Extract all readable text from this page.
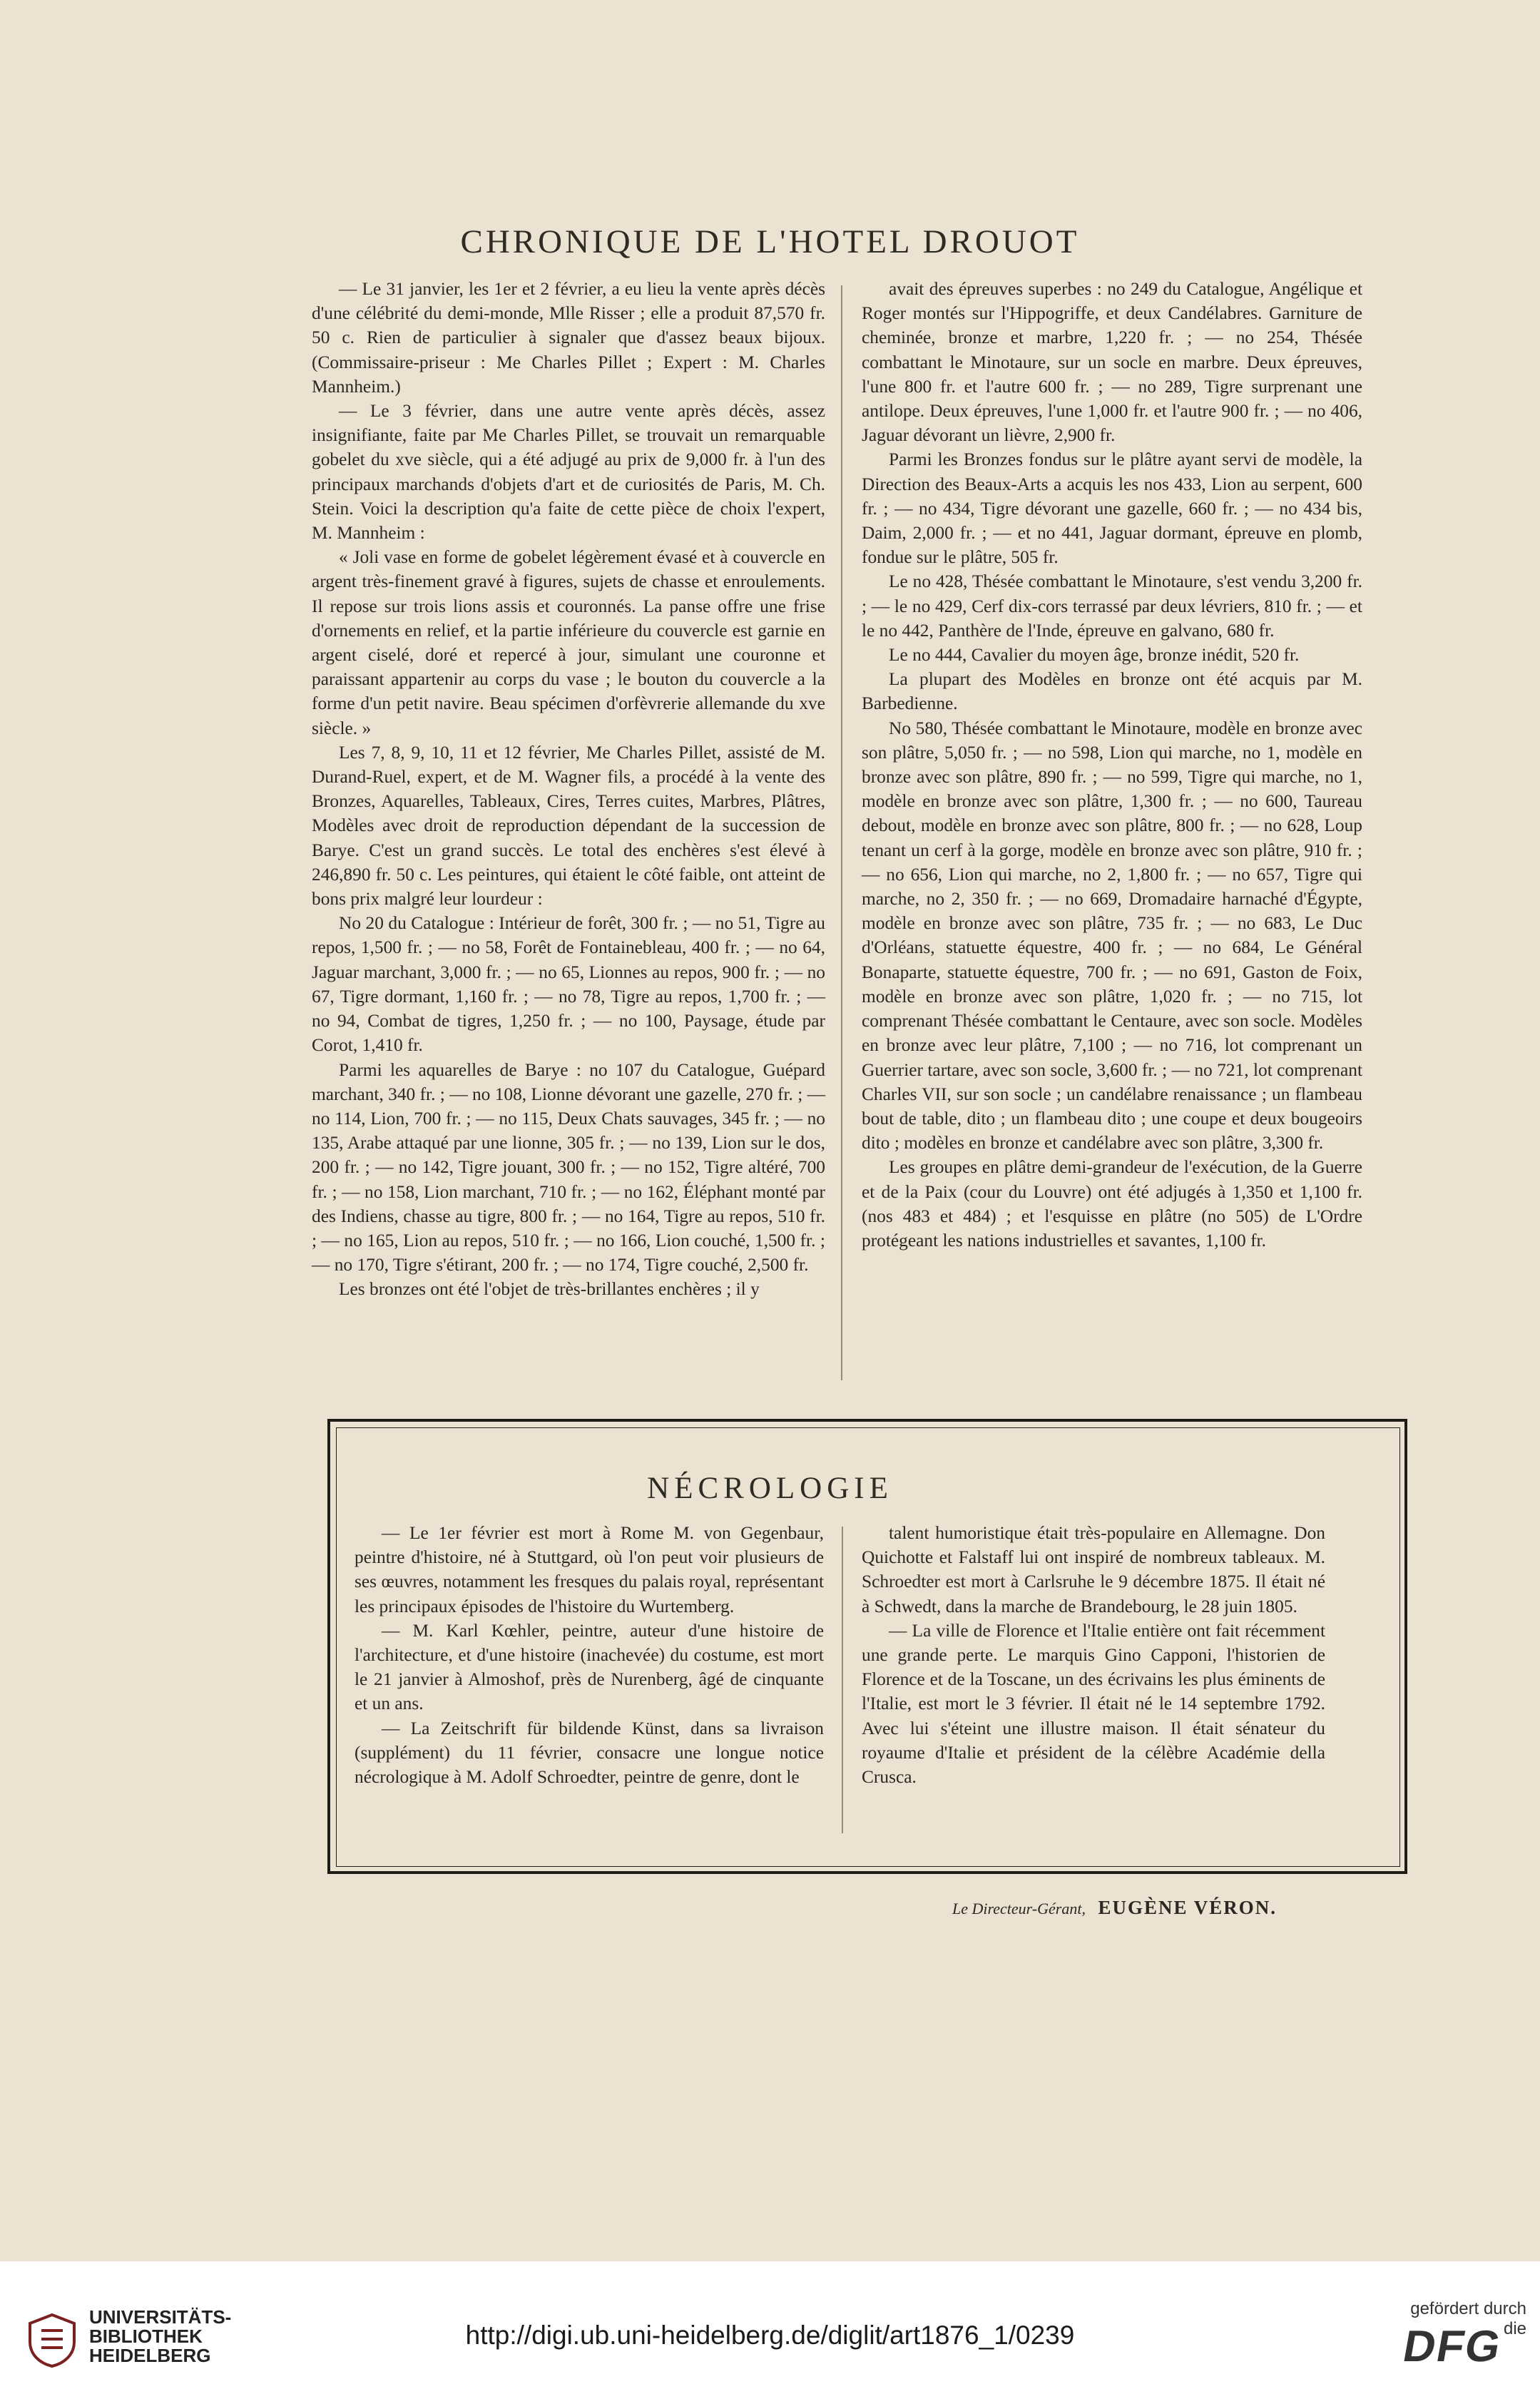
CHRONIQUE DE L'HOTEL DROUOT

— Le 31 janvier, les 1er et 2 février, a eu lieu la vente après décès d'une célébrité du demi-monde, Mlle Risser ; elle a produit 87,570 fr. 50 c. Rien de particulier à signaler que d'assez beaux bijoux. (Commissaire-priseur : Me Charles Pillet ; Expert : M. Charles Mannheim.)

— Le 3 février, dans une autre vente après décès, assez insignifiante, faite par Me Charles Pillet, se trouvait un remarquable gobelet du xve siècle, qui a été adjugé au prix de 9,000 fr. à l'un des principaux marchands d'objets d'art et de curiosités de Paris, M. Ch. Stein. Voici la description qu'a faite de cette pièce de choix l'expert, M. Mannheim :

« Joli vase en forme de gobelet légèrement évasé et à couvercle en argent très-finement gravé à figures, sujets de chasse et enroulements. Il repose sur trois lions assis et couronnés. La panse offre une frise d'ornements en relief, et la partie inférieure du couvercle est garnie en argent ciselé, doré et repercé à jour, simulant une couronne et paraissant appartenir au corps du vase ; le bouton du couvercle a la forme d'un petit navire. Beau spécimen d'orfèvrerie allemande du xve siècle. »

Les 7, 8, 9, 10, 11 et 12 février, Me Charles Pillet, assisté de M. Durand-Ruel, expert, et de M. Wagner fils, a procédé à la vente des Bronzes, Aquarelles, Tableaux, Cires, Terres cuites, Marbres, Plâtres, Modèles avec droit de reproduction dépendant de la succession de Barye. C'est un grand succès. Le total des enchères s'est élevé à 246,890 fr. 50 c. Les peintures, qui étaient le côté faible, ont atteint de bons prix malgré leur lourdeur :

No 20 du Catalogue : Intérieur de forêt, 300 fr. ; — no 51, Tigre au repos, 1,500 fr. ; — no 58, Forêt de Fontainebleau, 400 fr. ; — no 64, Jaguar marchant, 3,000 fr. ; — no 65, Lionnes au repos, 900 fr. ; — no 67, Tigre dormant, 1,160 fr. ; — no 78, Tigre au repos, 1,700 fr. ; — no 94, Combat de tigres, 1,250 fr. ; — no 100, Paysage, étude par Corot, 1,410 fr.

Parmi les aquarelles de Barye : no 107 du Catalogue, Guépard marchant, 340 fr. ; — no 108, Lionne dévorant une gazelle, 270 fr. ; — no 114, Lion, 700 fr. ; — no 115, Deux Chats sauvages, 345 fr. ; — no 135, Arabe attaqué par une lionne, 305 fr. ; — no 139, Lion sur le dos, 200 fr. ; — no 142, Tigre jouant, 300 fr. ; — no 152, Tigre altéré, 700 fr. ; — no 158, Lion marchant, 710 fr. ; — no 162, Éléphant monté par des Indiens, chasse au tigre, 800 fr. ; — no 164, Tigre au repos, 510 fr. ; — no 165, Lion au repos, 510 fr. ; — no 166, Lion couché, 1,500 fr. ; — no 170, Tigre s'étirant, 200 fr. ; — no 174, Tigre couché, 2,500 fr.

Les bronzes ont été l'objet de très-brillantes enchères ; il y

avait des épreuves superbes : no 249 du Catalogue, Angélique et Roger montés sur l'Hippogriffe, et deux Candélabres. Garniture de cheminée, bronze et marbre, 1,220 fr. ; — no 254, Thésée combattant le Minotaure, sur un socle en marbre. Deux épreuves, l'une 800 fr. et l'autre 600 fr. ; — no 289, Tigre surprenant une antilope. Deux épreuves, l'une 1,000 fr. et l'autre 900 fr. ; — no 406, Jaguar dévorant un lièvre, 2,900 fr.

Parmi les Bronzes fondus sur le plâtre ayant servi de modèle, la Direction des Beaux-Arts a acquis les nos 433, Lion au serpent, 600 fr. ; — no 434, Tigre dévorant une gazelle, 660 fr. ; — no 434 bis, Daim, 2,000 fr. ; — et no 441, Jaguar dormant, épreuve en plomb, fondue sur le plâtre, 505 fr.

Le no 428, Thésée combattant le Minotaure, s'est vendu 3,200 fr. ; — le no 429, Cerf dix-cors terrassé par deux lévriers, 810 fr. ; — et le no 442, Panthère de l'Inde, épreuve en galvano, 680 fr.

Le no 444, Cavalier du moyen âge, bronze inédit, 520 fr.

La plupart des Modèles en bronze ont été acquis par M. Barbedienne.

No 580, Thésée combattant le Minotaure, modèle en bronze avec son plâtre, 5,050 fr. ; — no 598, Lion qui marche, no 1, modèle en bronze avec son plâtre, 890 fr. ; — no 599, Tigre qui marche, no 1, modèle en bronze avec son plâtre, 1,300 fr. ; — no 600, Taureau debout, modèle en bronze avec son plâtre, 800 fr. ; — no 628, Loup tenant un cerf à la gorge, modèle en bronze avec son plâtre, 910 fr. ; — no 656, Lion qui marche, no 2, 1,800 fr. ; — no 657, Tigre qui marche, no 2, 350 fr. ; — no 669, Dromadaire harnaché d'Égypte, modèle en bronze avec son plâtre, 735 fr. ; — no 683, Le Duc d'Orléans, statuette équestre, 400 fr. ; — no 684, Le Général Bonaparte, statuette équestre, 700 fr. ; — no 691, Gaston de Foix, modèle en bronze avec son plâtre, 1,020 fr. ; — no 715, lot comprenant Thésée combattant le Centaure, avec son socle. Modèles en bronze avec leur plâtre, 7,100 ; — no 716, lot comprenant un Guerrier tartare, avec son socle, 3,600 fr. ; — no 721, lot comprenant Charles VII, sur son socle ; un candélabre renaissance ; un flambeau bout de table, dito ; un flambeau dito ; une coupe et deux bougeoirs dito ; modèles en bronze et candélabre avec son plâtre, 3,300 fr.

Les groupes en plâtre demi-grandeur de l'exécution, de la Guerre et de la Paix (cour du Louvre) ont été adjugés à 1,350 et 1,100 fr. (nos 483 et 484) ; et l'esquisse en plâtre (no 505) de L'Ordre protégeant les nations industrielles et savantes, 1,100 fr.

NÉCROLOGIE

— Le 1er février est mort à Rome M. von Gegenbaur, peintre d'histoire, né à Stuttgard, où l'on peut voir plusieurs de ses œuvres, notamment les fresques du palais royal, représentant les principaux épisodes de l'histoire du Wurtemberg.

— M. Karl Kœhler, peintre, auteur d'une histoire de l'architecture, et d'une histoire (inachevée) du costume, est mort le 21 janvier à Almoshof, près de Nurenberg, âgé de cinquante et un ans.

— La Zeitschrift für bildende Künst, dans sa livraison (supplément) du 11 février, consacre une longue notice nécrologique à M. Adolf Schroedter, peintre de genre, dont le

talent humoristique était très-populaire en Allemagne. Don Quichotte et Falstaff lui ont inspiré de nombreux tableaux. M. Schroedter est mort à Carlsruhe le 9 décembre 1875. Il était né à Schwedt, dans la marche de Brandebourg, le 28 juin 1805.

— La ville de Florence et l'Italie entière ont fait récemment une grande perte. Le marquis Gino Capponi, l'historien de Florence et de la Toscane, un des écrivains les plus éminents de l'Italie, est mort le 3 février. Il était né le 14 septembre 1792. Avec lui s'éteint une illustre maison. Il était sénateur du royaume d'Italie et président de la célèbre Académie della Crusca.

Le Directeur-Gérant, EUGÈNE VÉRON.
UNIVERSITÄTS-
BIBLIOTHEK
HEIDELBERG
http://digi.ub.uni-heidelberg.de/diglit/art1876_1/0239
gefördert durch die
DFG
